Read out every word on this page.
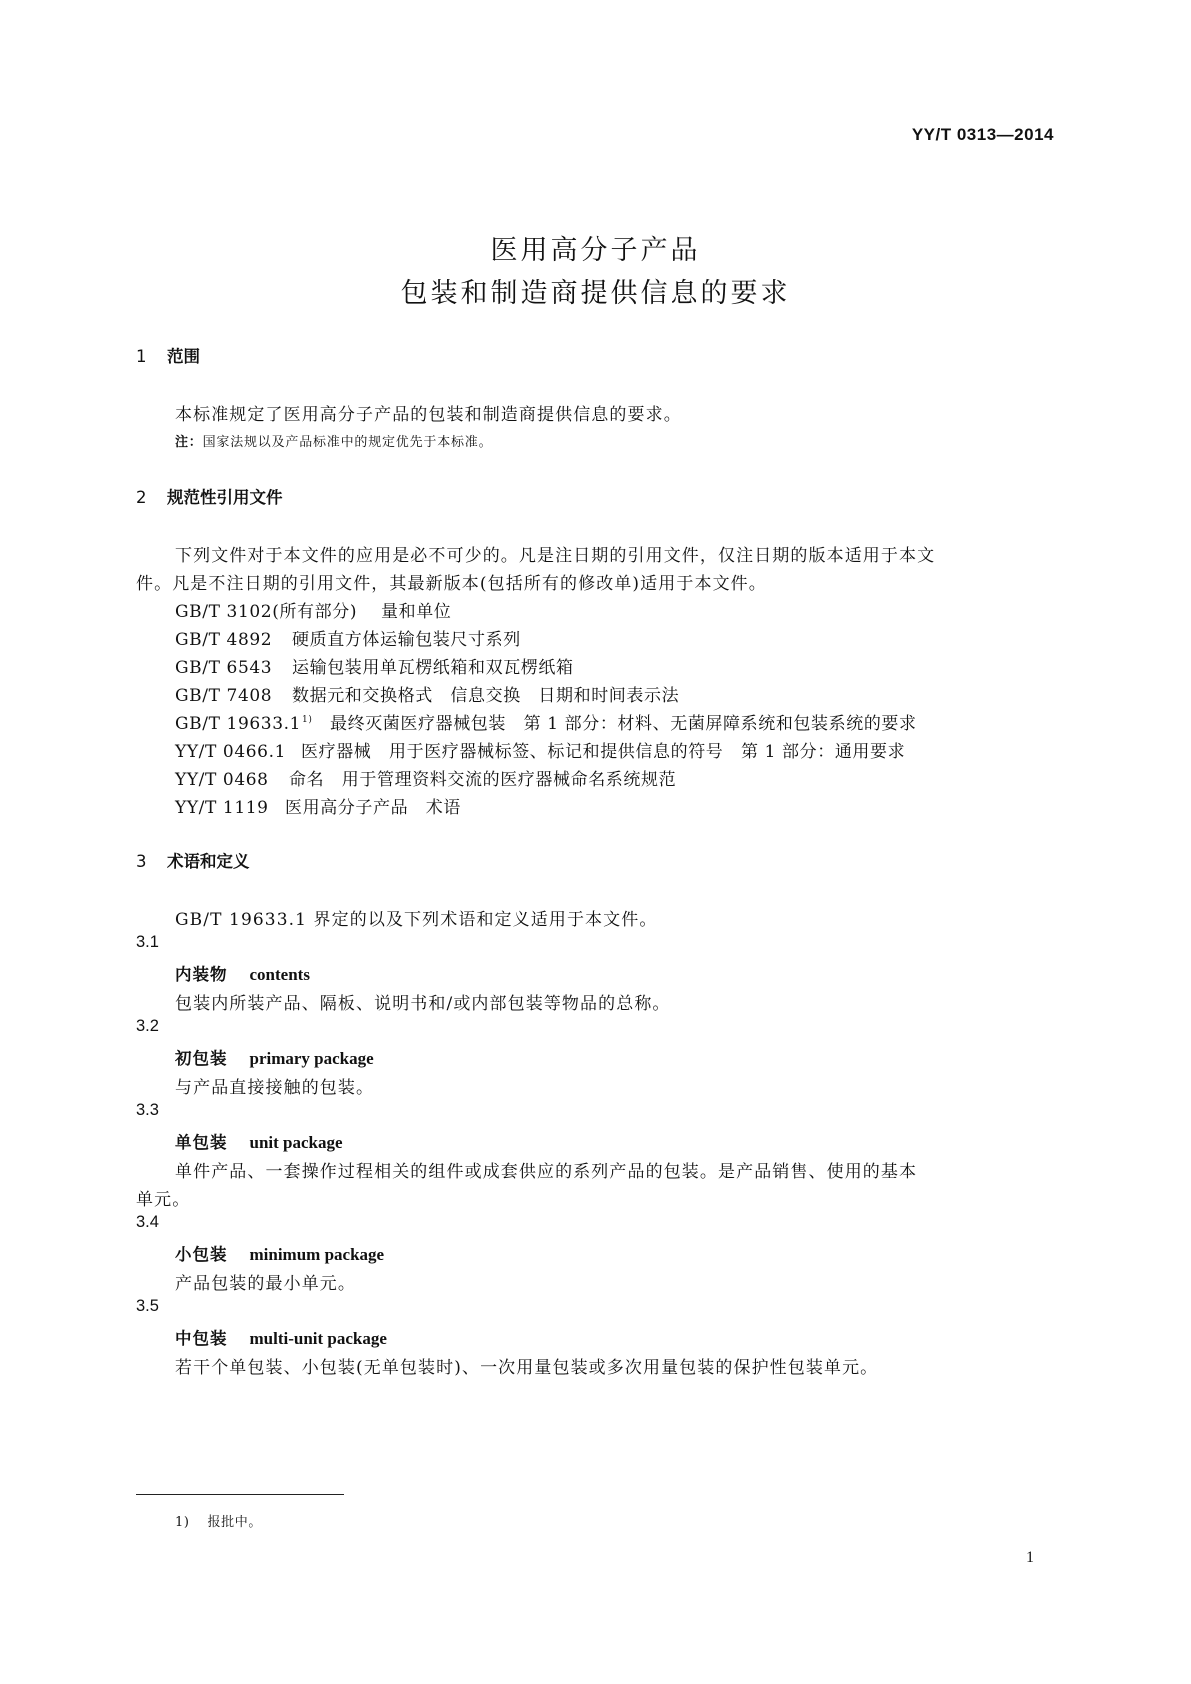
YY/T 0313—2014
医用高分子产品
包装和制造商提供信息的要求
1 范围
本标准规定了医用高分子产品的包装和制造商提供信息的要求。
注：国家法规以及产品标准中的规定优先于本标准。
2 规范性引用文件
下列文件对于本文件的应用是必不可少的。凡是注日期的引用文件，仅注日期的版本适用于本文
件。凡是不注日期的引用文件，其最新版本(包括所有的修改单)适用于本文件。
GB/T 3102(所有部分) 量和单位
GB/T 4892 硬质直方体运输包装尺寸系列
GB/T 6543 运输包装用单瓦楞纸箱和双瓦楞纸箱
GB/T 7408 数据元和交换格式　信息交换　日期和时间表示法
GB/T 19633.1$^{1)}$ 最终灭菌医疗器械包装　第 1 部分：材料、无菌屏障系统和包装系统的要求
YY/T 0466.1 医疗器械　用于医疗器械标签、标记和提供信息的符号　第 1 部分：通用要求
YY/T 0468 命名　用于管理资料交流的医疗器械命名系统规范
YY/T 1119 医用高分子产品　术语
3 术语和定义
GB/T 19633.1 界定的以及下列术语和定义适用于本文件。
3.1
内装物 contents
包装内所装产品、隔板、说明书和/或内部包装等物品的总称。
3.2
初包装 primary package
与产品直接接触的包装。
3.3
单包装 unit package
单件产品、一套操作过程相关的组件或成套供应的系列产品的包装。是产品销售、使用的基本
单元。
3.4
小包装 minimum package
产品包装的最小单元。
3.5
中包装 multi-unit package
若干个单包装、小包装(无单包装时)、一次用量包装或多次用量包装的保护性包装单元。
1) 报批中。
1
